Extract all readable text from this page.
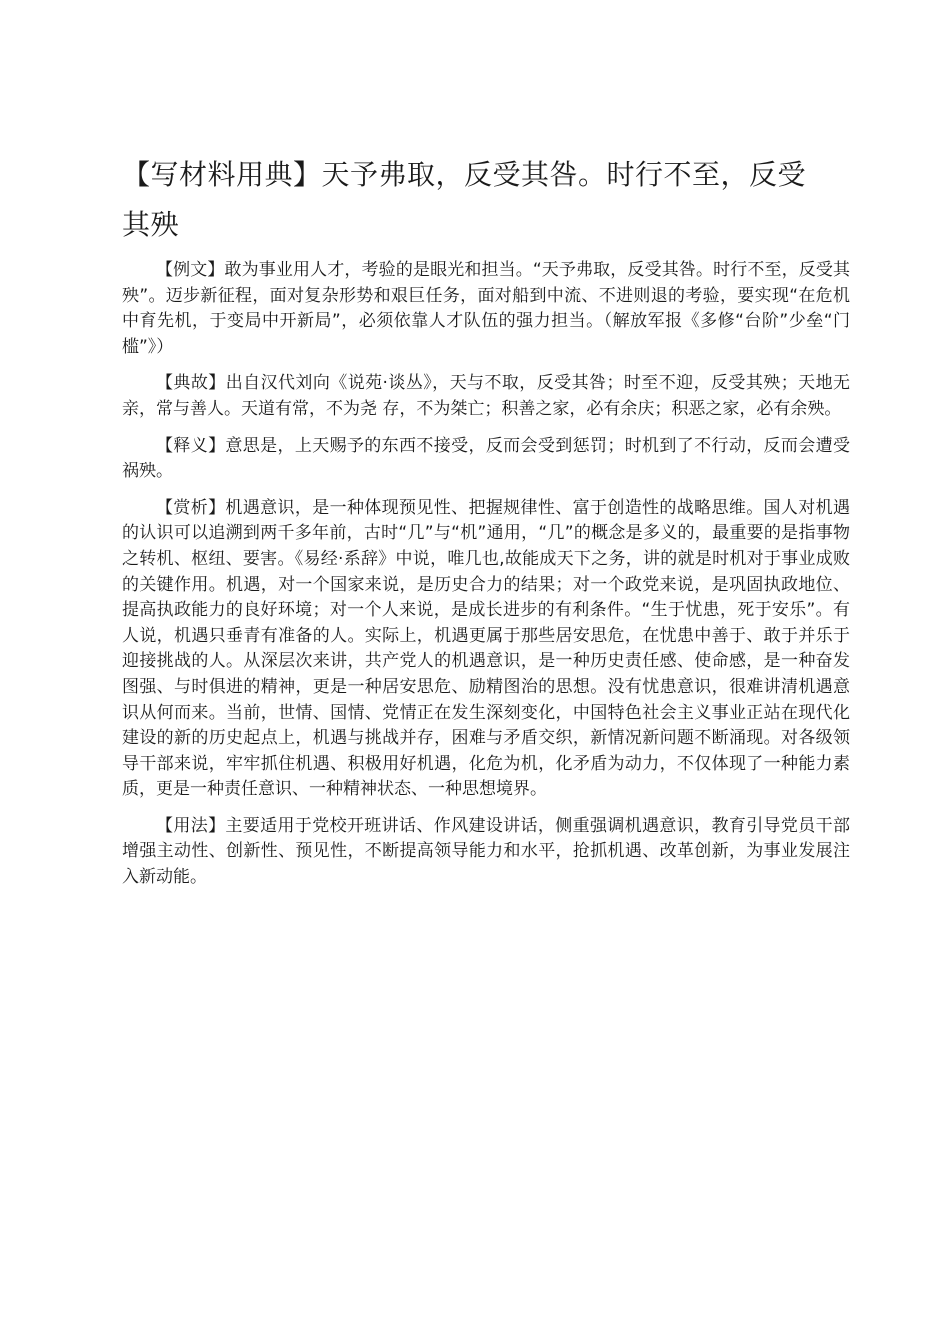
【写材料用典】天予弗取，反受其咎。时行不至，反受其殃

【例文】敢为事业用人才，考验的是眼光和担当。“天予弗取，反受其咎。时行不至，反受其殃”。迈步新征程，面对复杂形势和艰巨任务，面对船到中流、不进则退的考验，要实现“在危机中育先机，于变局中开新局”，必须依靠人才队伍的强力担当。（解放军报《多修“台阶”少垒“门槛”》）

【典故】出自汉代刘向《说苑·谈丛》，天与不取，反受其咎；时至不迎，反受其殃；天地无亲，常与善人。天道有常，不为尧 存，不为桀亡；积善之家，必有余庆；积恶之家，必有余殃。

【释义】意思是，上天赐予的东西不接受，反而会受到惩罚；时机到了不行动，反而会遭受祸殃。

【赏析】机遇意识，是一种体现预见性、把握规律性、富于创造性的战略思维。国人对机遇的认识可以追溯到两千多年前，古时“几”与“机”通用，“几”的概念是多义的，最重要的是指事物之转机、枢纽、要害。《易经·系辞》中说，唯几也,故能成天下之务，讲的就是时机对于事业成败的关键作用。机遇，对一个国家来说，是历史合力的结果；对一个政党来说，是巩固执政地位、提高执政能力的良好环境；对一个人来说，是成长进步的有利条件。“生于忧患，死于安乐”。有人说，机遇只垂青有准备的人。实际上，机遇更属于那些居安思危，在忧患中善于、敢于并乐于迎接挑战的人。从深层次来讲，共产党人的机遇意识，是一种历史责任感、使命感，是一种奋发图强、与时俱进的精神，更是一种居安思危、励精图治的思想。没有忧患意识，很难讲清机遇意识从何而来。当前，世情、国情、党情正在发生深刻变化，中国特色社会主义事业正站在现代化建设的新的历史起点上，机遇与挑战并存，困难与矛盾交织，新情况新问题不断涌现。对各级领导干部来说，牢牢抓住机遇、积极用好机遇，化危为机，化矛盾为动力，不仅体现了一种能力素质，更是一种责任意识、一种精神状态、一种思想境界。

【用法】主要适用于党校开班讲话、作风建设讲话，侧重强调机遇意识，教育引导党员干部增强主动性、创新性、预见性，不断提高领导能力和水平，抢抓机遇、改革创新，为事业发展注入新动能。
